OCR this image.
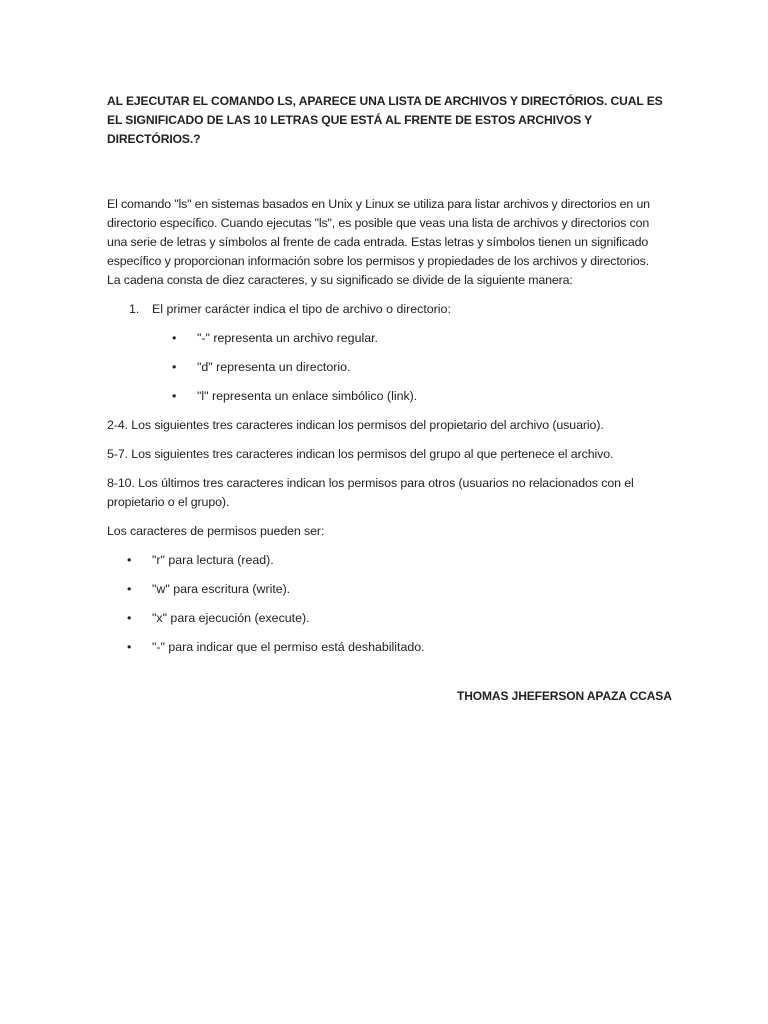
AL EJECUTAR EL COMANDO LS, APARECE UNA LISTA DE ARCHIVOS Y DIRECTÓRIOS. CUAL ES EL SIGNIFICADO DE LAS 10 LETRAS QUE ESTÁ AL FRENTE DE ESTOS ARCHIVOS Y DIRECTÓRIOS.?

El comando "ls" en sistemas basados en Unix y Linux se utiliza para listar archivos y directorios en un directorio específico. Cuando ejecutas "ls", es posible que veas una lista de archivos y directorios con una serie de letras y símbolos al frente de cada entrada. Estas letras y símbolos tienen un significado específico y proporcionan información sobre los permisos y propiedades de los archivos y directorios. La cadena consta de diez caracteres, y su significado se divide de la siguiente manera:

1. El primer carácter indica el tipo de archivo o directorio:
• "-" representa un archivo regular.
• "d" representa un directorio.
• "l" representa un enlace simbólico (link).

2-4. Los siguientes tres caracteres indican los permisos del propietario del archivo (usuario).

5-7. Los siguientes tres caracteres indican los permisos del grupo al que pertenece el archivo.

8-10. Los últimos tres caracteres indican los permisos para otros (usuarios no relacionados con el propietario o el grupo).

Los caracteres de permisos pueden ser:

• "r" para lectura (read).
• "w" para escritura (write).
• "x" para ejecución (execute).
• "-" para indicar que el permiso está deshabilitado.
THOMAS JHEFERSON APAZA CCASA
